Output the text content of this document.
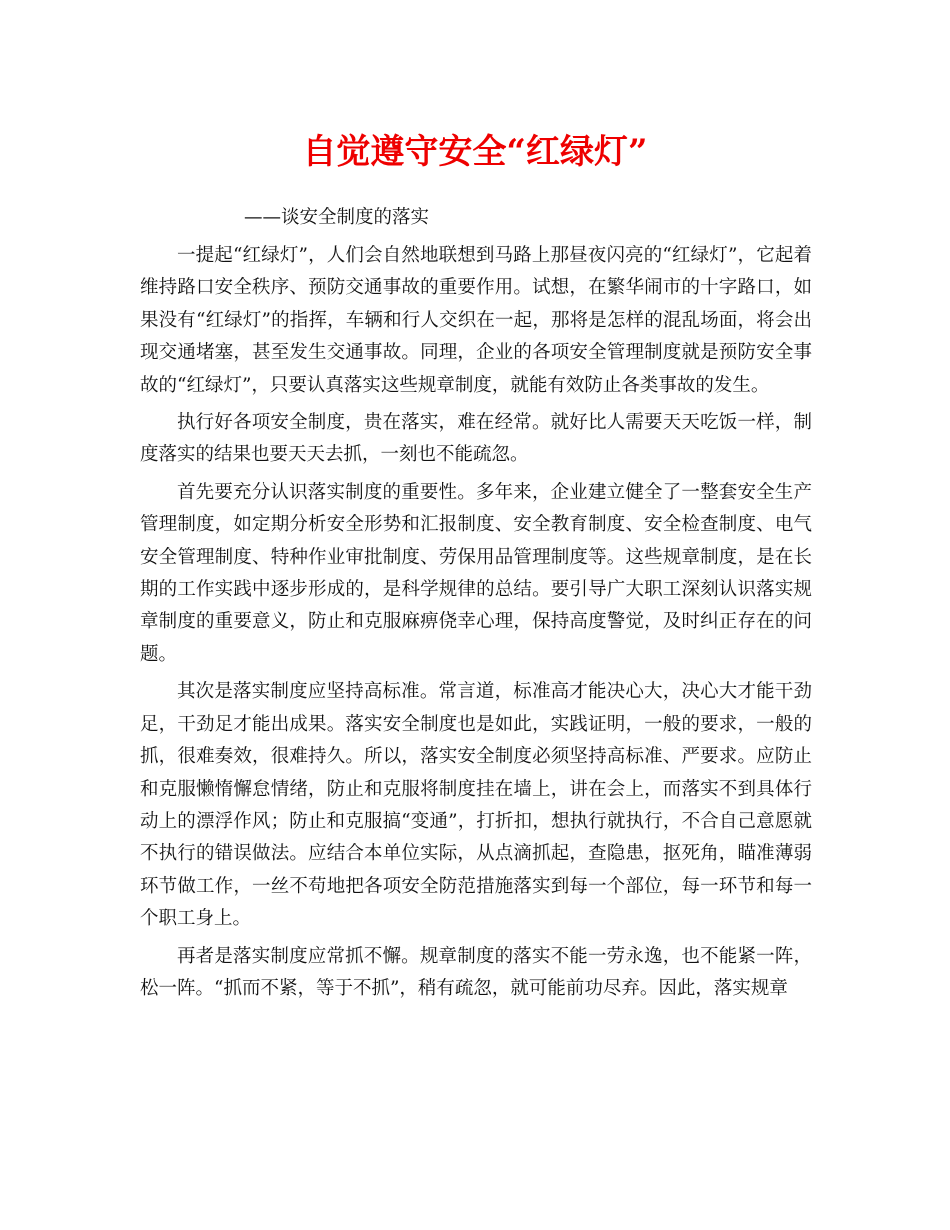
自觉遵守安全“红绿灯”

——谈安全制度的落实

一提起“红绿灯”，人们会自然地联想到马路上那昼夜闪亮的“红绿灯”，它起着维持路口安全秩序、预防交通事故的重要作用。试想，在繁华闹市的十字路口，如果没有“红绿灯”的指挥，车辆和行人交织在一起，那将是怎样的混乱场面，将会出现交通堵塞，甚至发生交通事故。同理，企业的各项安全管理制度就是预防安全事故的“红绿灯”，只要认真落实这些规章制度，就能有效防止各类事故的发生。

执行好各项安全制度，贵在落实，难在经常。就好比人需要天天吃饭一样，制度落实的结果也要天天去抓，一刻也不能疏忽。

首先要充分认识落实制度的重要性。多年来，企业建立健全了一整套安全生产管理制度，如定期分析安全形势和汇报制度、安全教育制度、安全检查制度、电气安全管理制度、特种作业审批制度、劳保用品管理制度等。这些规章制度，是在长期的工作实践中逐步形成的，是科学规律的总结。要引导广大职工深刻认识落实规章制度的重要意义，防止和克服麻痹侥幸心理，保持高度警觉，及时纠正存在的问题。

其次是落实制度应坚持高标准。常言道，标准高才能决心大，决心大才能干劲足，干劲足才能出成果。落实安全制度也是如此，实践证明，一般的要求，一般的抓，很难奏效，很难持久。所以，落实安全制度必须坚持高标准、严要求。应防止和克服懒惰懈怠情绪，防止和克服将制度挂在墙上，讲在会上，而落实不到具体行动上的漂浮作风；防止和克服搞“变通”，打折扣，想执行就执行，不合自己意愿就不执行的错误做法。应结合本单位实际，从点滴抓起，查隐患，抠死角，瞄准薄弱环节做工作，一丝不苟地把各项安全防范措施落实到每一个部位，每一环节和每一个职工身上。

再者是落实制度应常抓不懈。规章制度的落实不能一劳永逸，也不能紧一阵，松一阵。“抓而不紧，等于不抓”，稍有疏忽，就可能前功尽弃。因此，落实规章
